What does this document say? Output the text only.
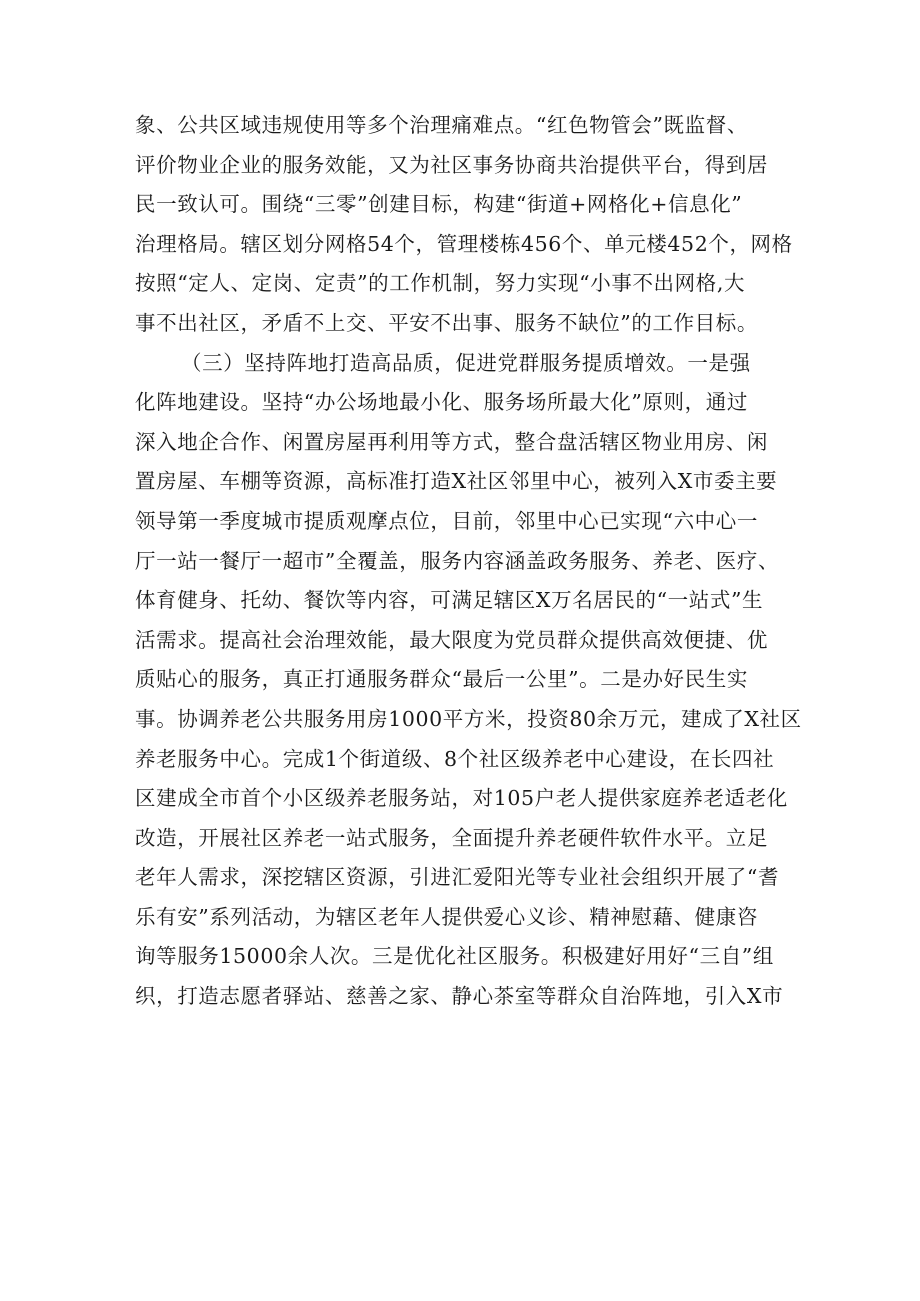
象、公共区域违规使用等多个治理痛难点。“红色物管会”既监督、
评价物业企业的服务效能，又为社区事务协商共治提供平台，得到居
民一致认可。围绕“三零”创建目标，构建“街道+网格化+信息化”
治理格局。辖区划分网格54个，管理楼栋456个、单元楼452个，网格
按照“定人、定岗、定责”的工作机制，努力实现“小事不出网格,大
事不出社区，矛盾不上交、平安不出事、服务不缺位”的工作目标。
（三）坚持阵地打造高品质，促进党群服务提质增效。一是强
化阵地建设。坚持“办公场地最小化、服务场所最大化”原则，通过
深入地企合作、闲置房屋再利用等方式，整合盘活辖区物业用房、闲
置房屋、车棚等资源，高标准打造X社区邻里中心，被列入X市委主要
领导第一季度城市提质观摩点位，目前，邻里中心已实现“六中心一
厅一站一餐厅一超市”全覆盖，服务内容涵盖政务服务、养老、医疗、
体育健身、托幼、餐饮等内容，可满足辖区X万名居民的“一站式”生
活需求。提高社会治理效能，最大限度为党员群众提供高效便捷、优
质贴心的服务，真正打通服务群众“最后一公里”。二是办好民生实
事。协调养老公共服务用房1000平方米，投资80余万元，建成了X社区
养老服务中心。完成1个街道级、8个社区级养老中心建设，在长四社
区建成全市首个小区级养老服务站，对105户老人提供家庭养老适老化
改造，开展社区养老一站式服务，全面提升养老硬件软件水平。立足
老年人需求，深挖辖区资源，引进汇爱阳光等专业社会组织开展了“耆
乐有安”系列活动，为辖区老年人提供爱心义诊、精神慰藉、健康咨
询等服务15000余人次。三是优化社区服务。积极建好用好“三自”组
织，打造志愿者驿站、慈善之家、静心茶室等群众自治阵地，引入X市
